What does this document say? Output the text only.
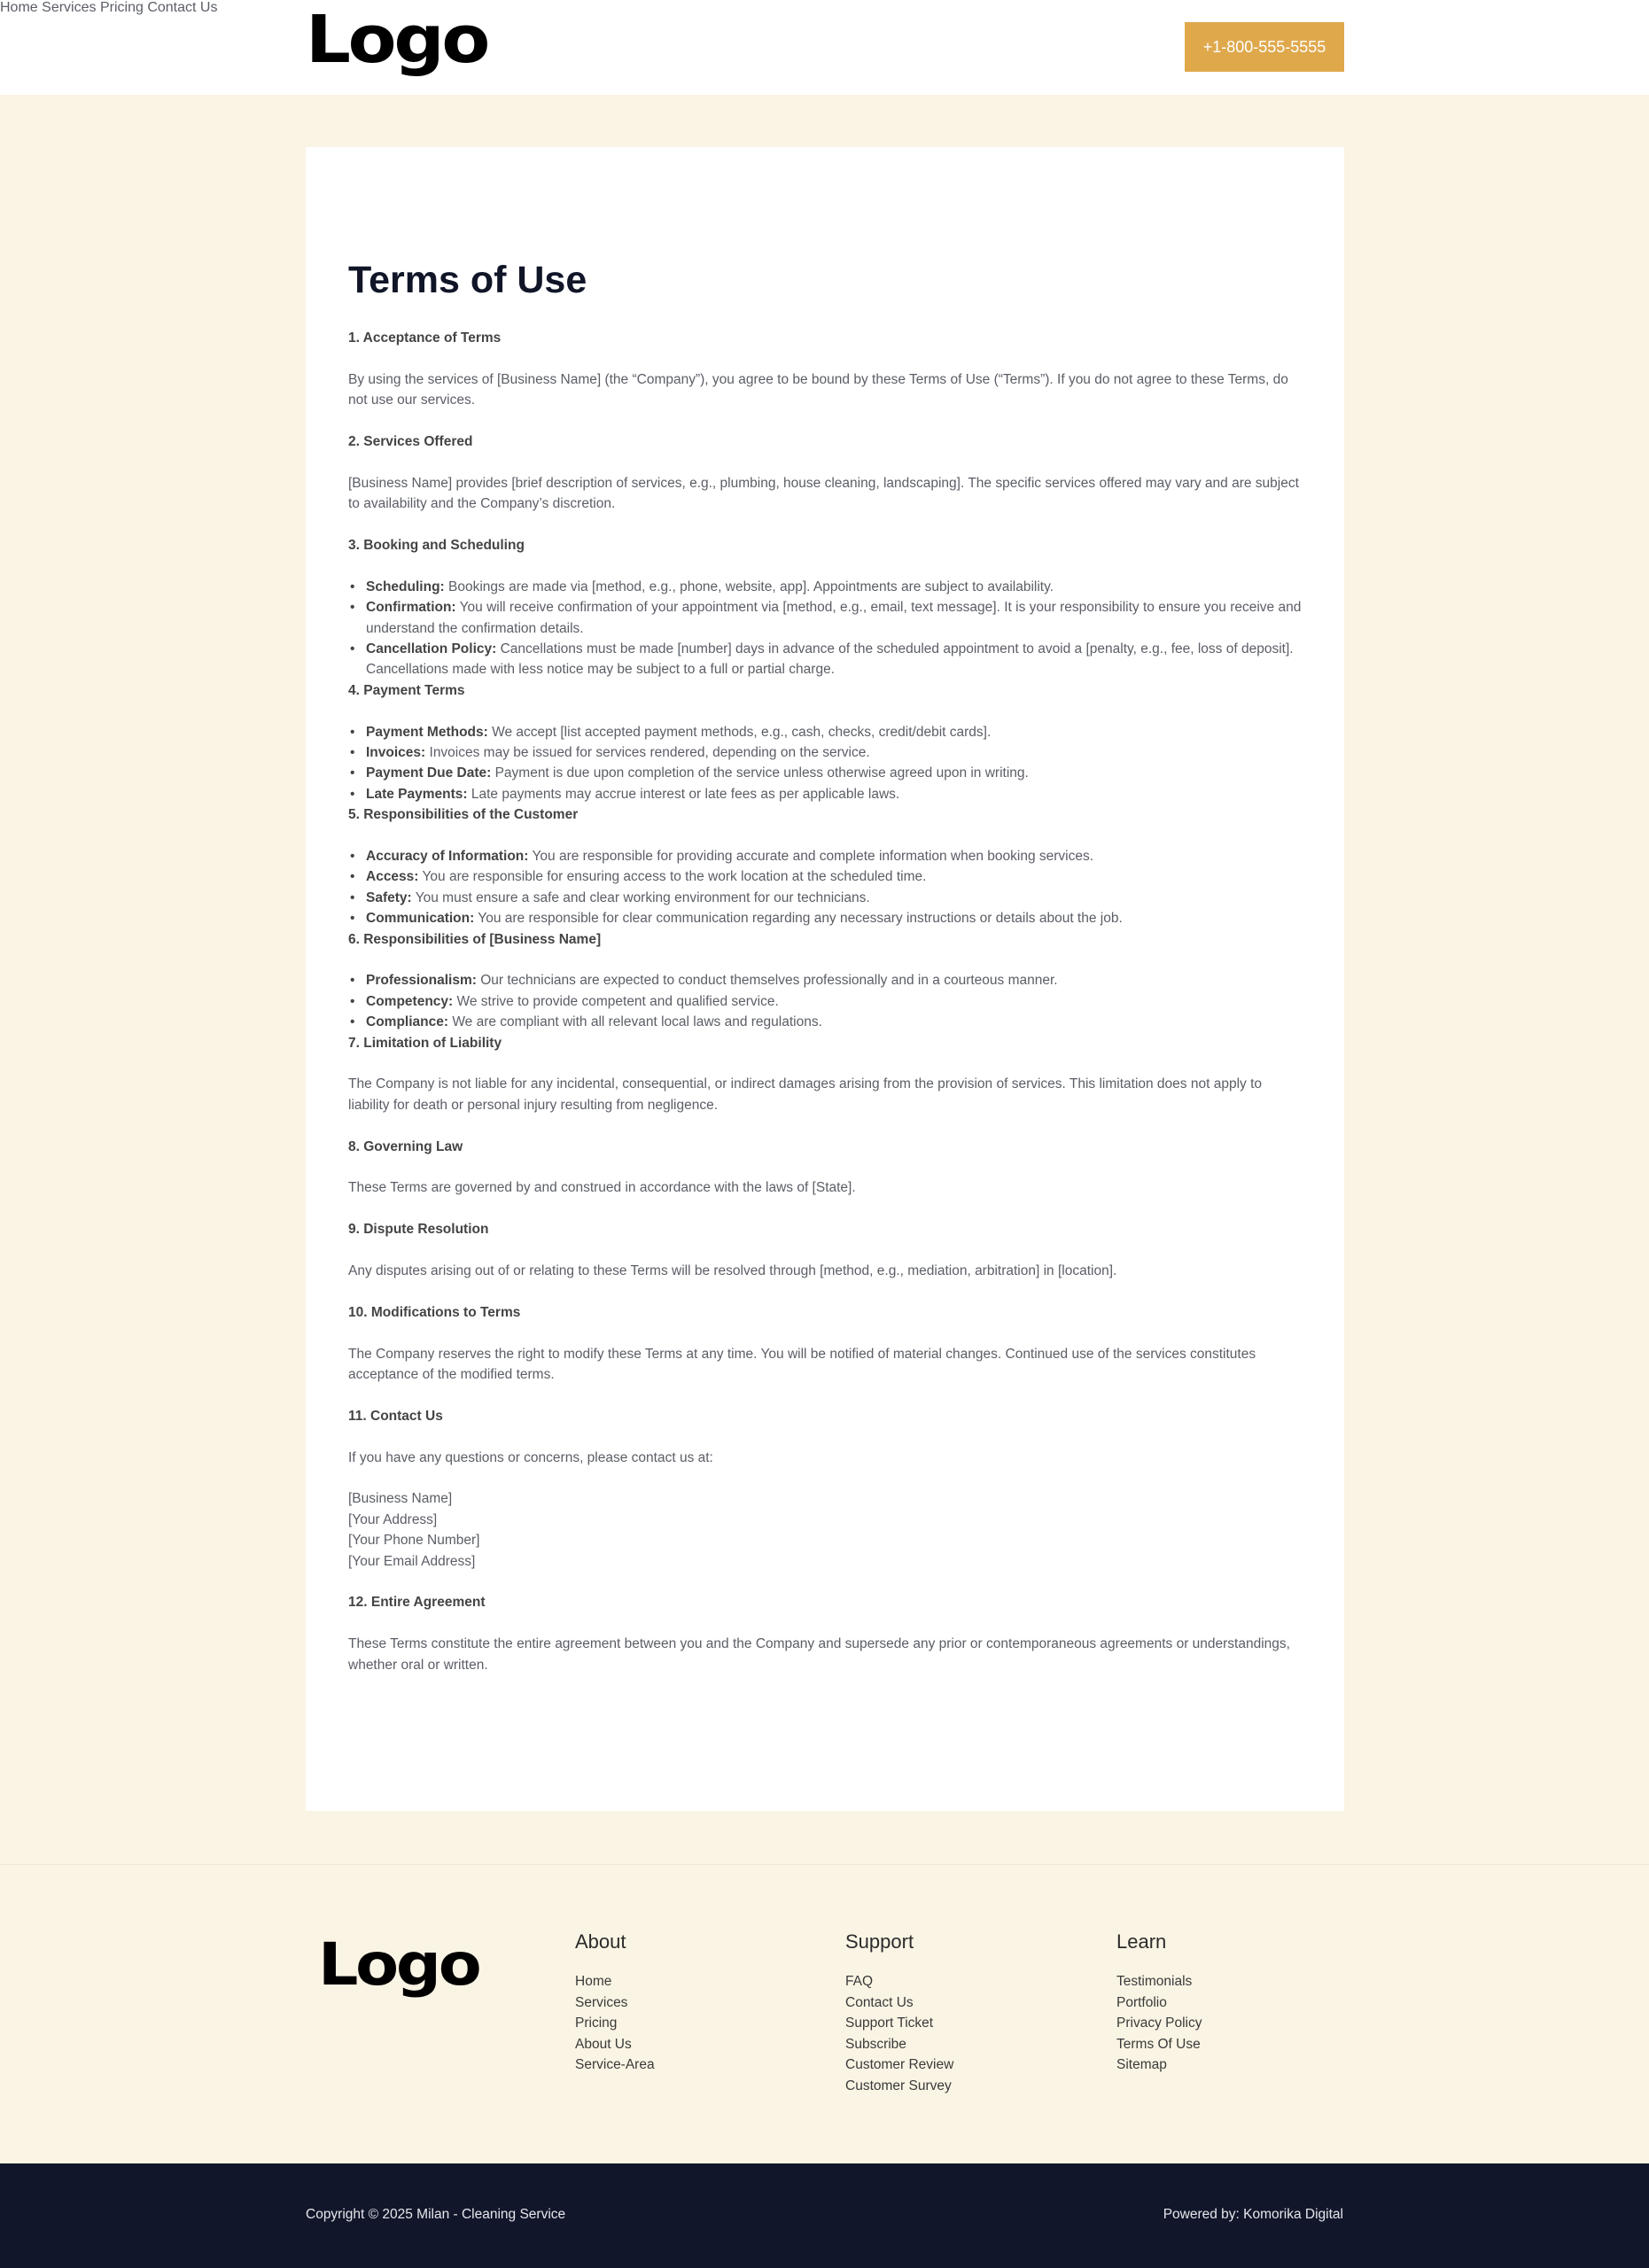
Logo
Home Services Pricing Contact Us
+1-800-555-5555
Terms of Use
1. Acceptance of Terms

By using the services of [Business Name] (the “Company”), you agree to be bound by these Terms of Use (“Terms”). If you do not agree to these Terms, do not use our services.

2. Services Offered

[Business Name] provides [brief description of services, e.g., plumbing, house cleaning, landscaping]. The specific services offered may vary and are subject to availability and the Company’s discretion.

3. Booking and Scheduling
• Scheduling: Bookings are made via [method, e.g., phone, website, app]. Appointments are subject to availability.
• Confirmation: You will receive confirmation of your appointment via [method, e.g., email, text message]. It is your responsibility to ensure you receive and understand the confirmation details.
• Cancellation Policy: Cancellations must be made [number] days in advance of the scheduled appointment to avoid a [penalty, e.g., fee, loss of deposit]. Cancellations made with less notice may be subject to a full or partial charge.
4. Payment Terms
• Payment Methods: We accept [list accepted payment methods, e.g., cash, checks, credit/debit cards].
• Invoices: Invoices may be issued for services rendered, depending on the service.
• Payment Due Date: Payment is due upon completion of the service unless otherwise agreed upon in writing.
• Late Payments: Late payments may accrue interest or late fees as per applicable laws.
5. Responsibilities of the Customer
• Accuracy of Information: You are responsible for providing accurate and complete information when booking services.
• Access: You are responsible for ensuring access to the work location at the scheduled time.
• Safety: You must ensure a safe and clear working environment for our technicians.
• Communication: You are responsible for clear communication regarding any necessary instructions or details about the job.
6. Responsibilities of [Business Name]
• Professionalism: Our technicians are expected to conduct themselves professionally and in a courteous manner.
• Competency: We strive to provide competent and qualified service.
• Compliance: We are compliant with all relevant local laws and regulations.
7. Limitation of Liability

The Company is not liable for any incidental, consequential, or indirect damages arising from the provision of services. This limitation does not apply to liability for death or personal injury resulting from negligence.

8. Governing Law

These Terms are governed by and construed in accordance with the laws of [State].

9. Dispute Resolution

Any disputes arising out of or relating to these Terms will be resolved through [method, e.g., mediation, arbitration] in [location].

10. Modifications to Terms

The Company reserves the right to modify these Terms at any time. You will be notified of material changes. Continued use of the services constitutes acceptance of the modified terms.

11. Contact Us

If you have any questions or concerns, please contact us at:

[Business Name]

[Your Address]

[Your Phone Number]

[Your Email Address]

12. Entire Agreement

These Terms constitute the entire agreement between you and the Company and supersede any prior or contemporaneous agreements or understandings, whether oral or written.

Logo	About
Home
Services
Pricing
About Us
Service-Area
Support
FAQ
Contact Us
Support Ticket
Subscribe
Customer Review
Customer Survey
Learn
Testimonials
Portfolio
Privacy Policy
Terms Of Use
Sitemap
Copyright © 2025 Milan - Cleaning Service	Powered by: Komorika Digital
